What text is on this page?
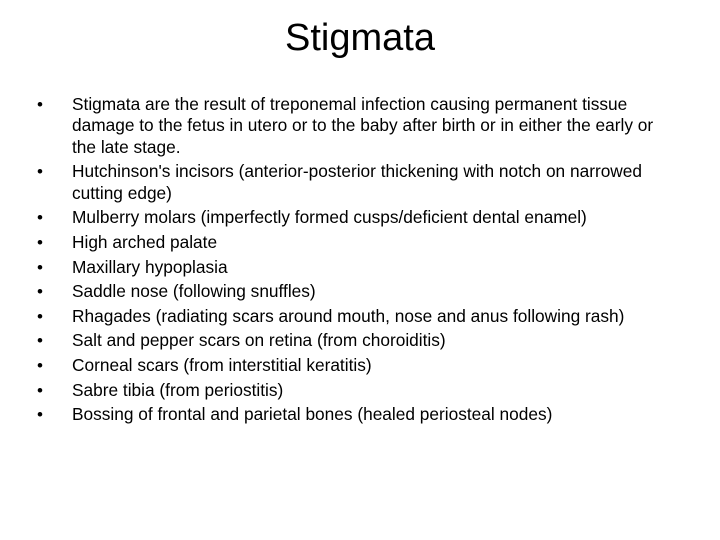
Stigmata
• Stigmata are the result of treponemal infection causing permanent tissue damage to the fetus in utero or to the baby after birth or in either the early or the late stage.
• Hutchinson's incisors (anterior-posterior thickening with notch on narrowed cutting edge)
• Mulberry molars (imperfectly formed cusps/deficient dental enamel)
• High arched palate
• Maxillary hypoplasia
• Saddle nose (following snuffles)
• Rhagades (radiating scars around mouth, nose and anus following rash)
• Salt and pepper scars on retina (from choroiditis)
• Corneal scars (from interstitial keratitis)
• Sabre tibia (from periostitis)
• Bossing of frontal and parietal bones (healed periosteal nodes)
